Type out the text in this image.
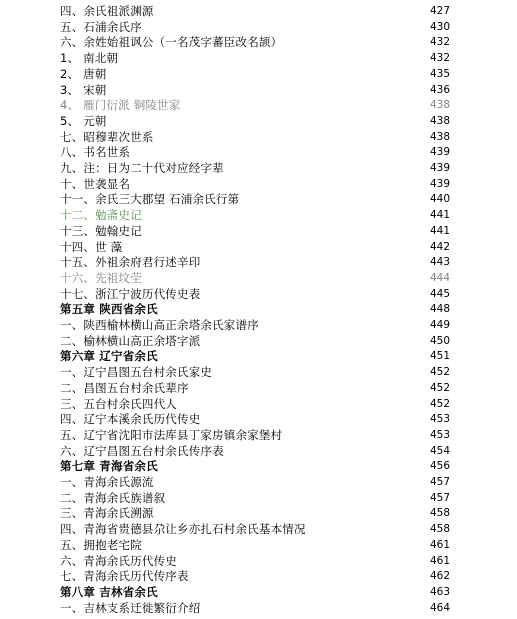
四、余氏祖派渊源	427
五、石浦余氏序	430
六、余姓始祖讽公（一名茂字蕃臣改名颉）	432
1、 南北朝	432
2、 唐朝	435
3、 宋朝	436
4、 雁门衍派 铜陵世家	438
5、 元朝	438
七、昭穆辈次世系	438
八、书名世系	439
九、注：日为二十代对应经字辈	439
十、世袭显名	439
十一、余氏三大郡望 石浦余氏行第	440
十二、勉斋史记	441
十三、勉翰史记	441
十四、世 藻	442
十五、外祖余府君行述辛印	443
十六、先祖坟茔	444
十七、浙江宁波历代传史表	445
第五章 陕西省余氏	448
一、陕西榆林横山高正余塔余氏家谱序	449
二、榆林横山高正余塔字派	450
第六章 辽宁省余氏	451
一、辽宁昌图五台村余氏家史	452
二、昌图五台村余氏辈序	452
三、五台村余氏四代人	452
四、辽宁本溪余氏历代传史	453
五、辽宁省沈阳市法库县丁家房镇余家堡村	453
六、辽宁昌图五台村余氏传序表	454
第七章 青海省余氏	456
一、青海余氏源流	457
二、青海余氏族谱叙	457
三、青海余氏溯源	458
四、青海省贵德县尕让乡亦扎石村余氏基本情况	458
五、拥抱老宅院	461
六、青海余氏历代传史	461
七、青海余氏历代传序表	462
第八章 吉林省余氏	463
一、吉林支系迁徙繁衍介绍	464
